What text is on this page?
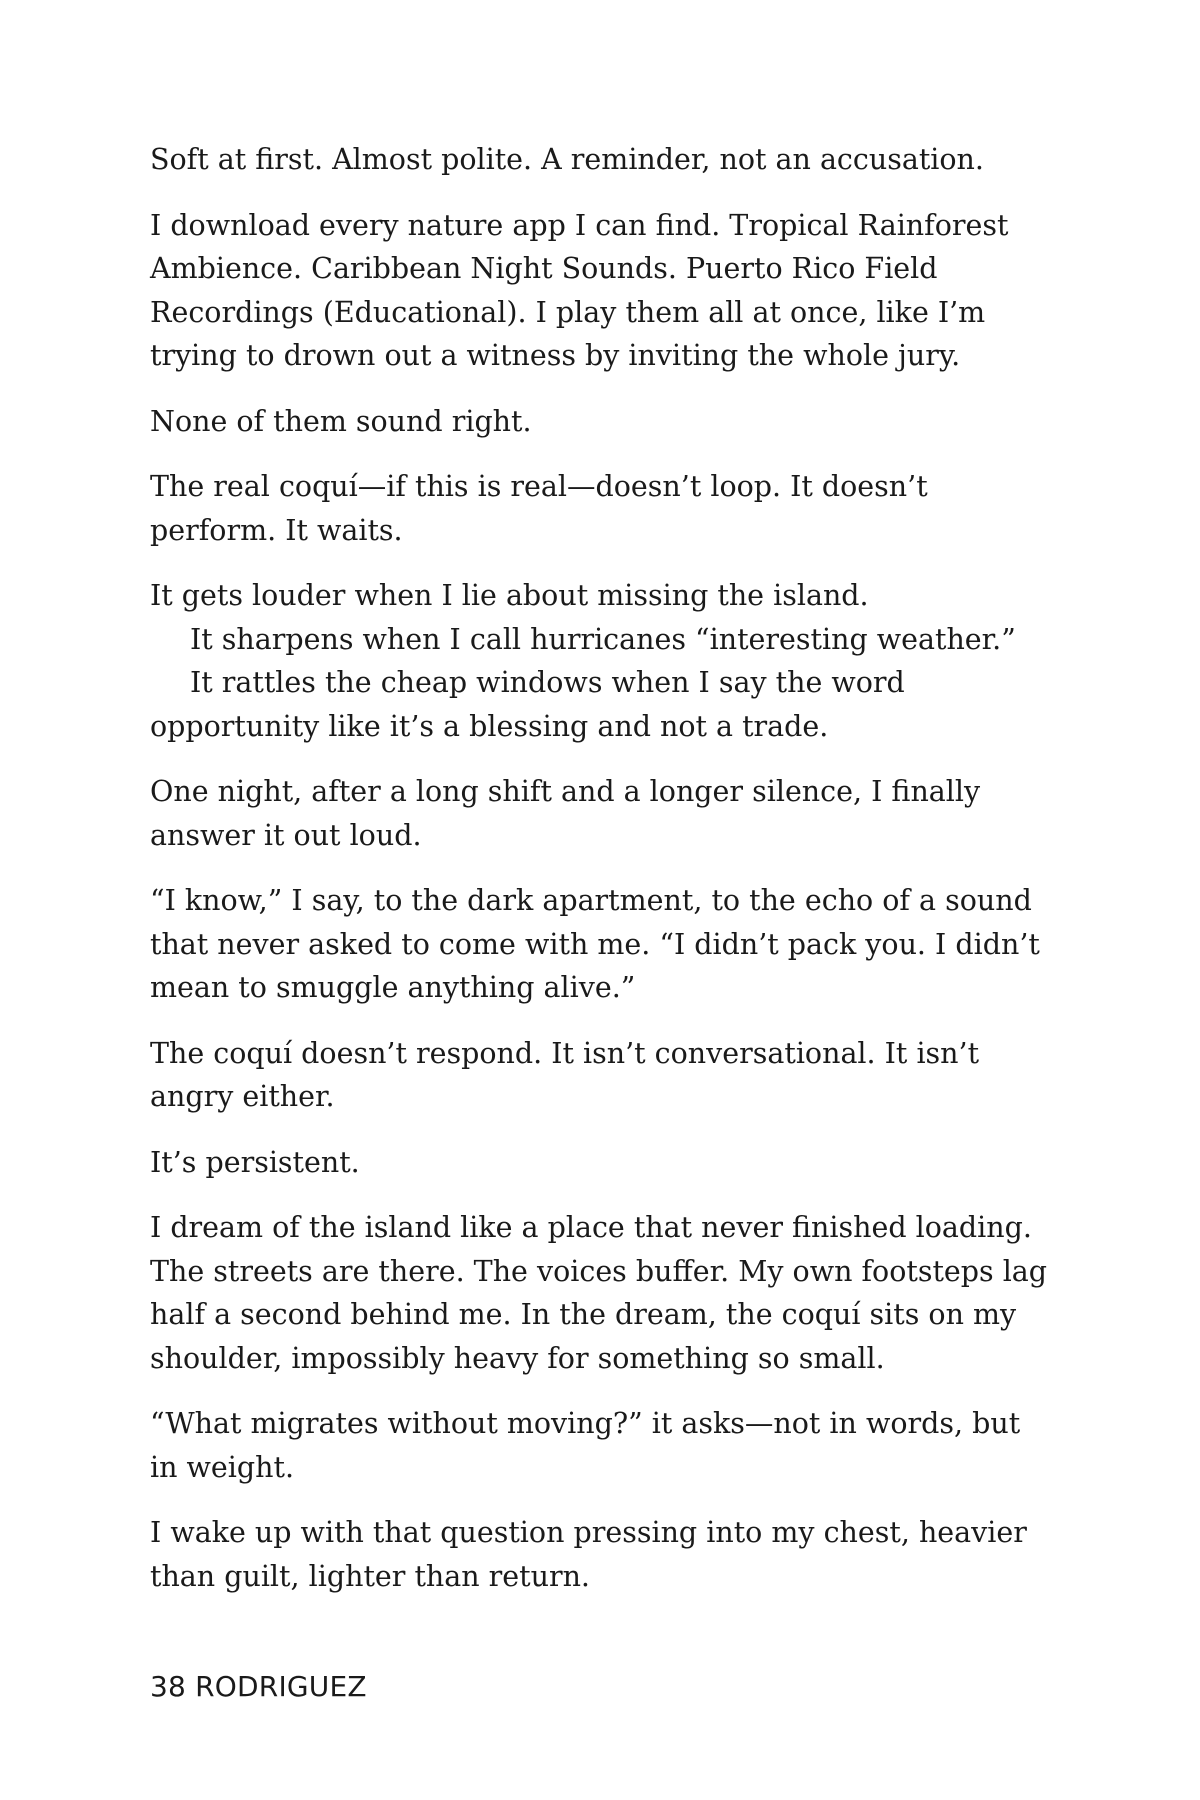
Soft at first. Almost polite. A reminder, not an accusation.

I download every nature app I can find. Tropical Rainforest
Ambience. Caribbean Night Sounds. Puerto Rico Field
Recordings (Educational). I play them all at once, like I’m
trying to drown out a witness by inviting the whole jury.

None of them sound right.

The real coquí—if this is real—doesn’t loop. It doesn’t
perform. It waits.

It gets louder when I lie about missing the island.
It sharpens when I call hurricanes “interesting weather.”
It rattles the cheap windows when I say the word
opportunity like it’s a blessing and not a trade.

One night, after a long shift and a longer silence, I finally
answer it out loud.

“I know,” I say, to the dark apartment, to the echo of a sound
that never asked to come with me. “I didn’t pack you. I didn’t
mean to smuggle anything alive.”

The coquí doesn’t respond. It isn’t conversational. It isn’t
angry either.

It’s persistent.

I dream of the island like a place that never finished loading.
The streets are there. The voices buffer. My own footsteps lag
half a second behind me. In the dream, the coquí sits on my
shoulder, impossibly heavy for something so small.

“What migrates without moving?” it asks—not in words, but
in weight.

I wake up with that question pressing into my chest, heavier
than guilt, lighter than return.

38 RODRIGUEZ
